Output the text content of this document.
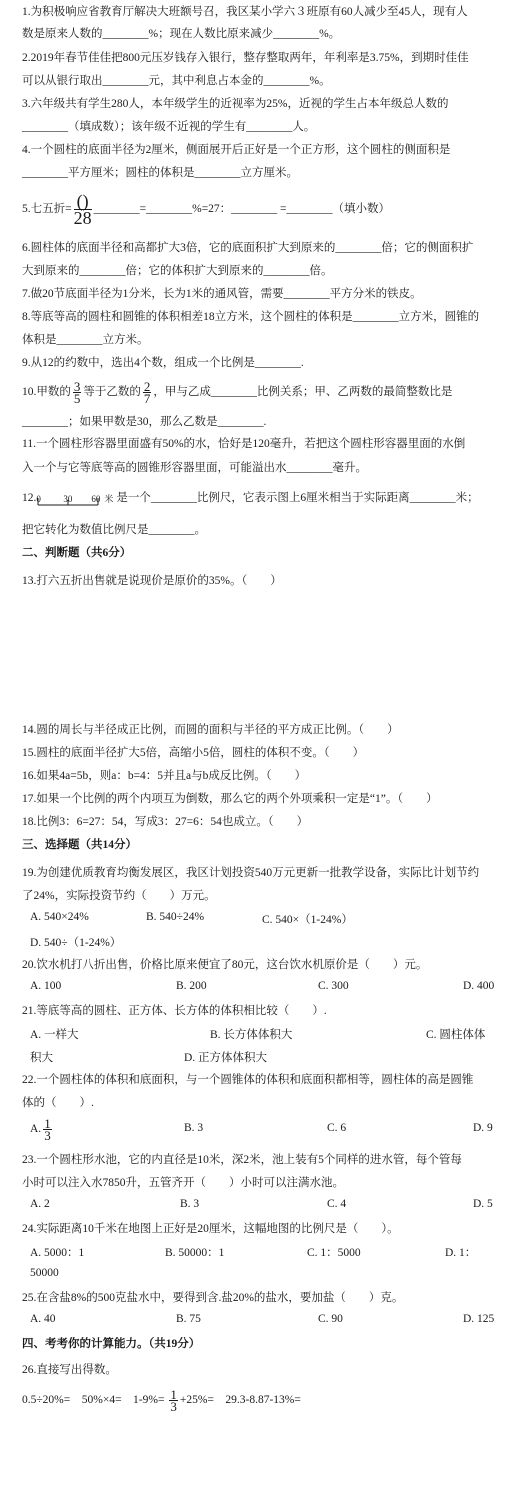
1.为积极响应省教育厅解决大班额号召，我区某小学六３班原有60人减少至45人，现有人
数是原来人数的________%；现在人数比原来减少________%。
2.2019年春节佳佳把800元压岁钱存入银行，整存整取两年，年利率是3.75%，到期时佳佳
可以从银行取出________元，其中利息占本金的________%。
3.六年级共有学生280人，本年级学生的近视率为25%，近视的学生占本年级总人数的
________（填成数）；该年级不近视的学生有________人。
4.一个圆柱的底面半径为2厘米，侧面展开后正好是一个正方形，这个圆柱的侧面积是
________平方厘米；圆柱的体积是________立方厘米。
5.七五折= $\frac{()}{28}$ ________=________%=27：________ =________（填小数）
6.圆柱体的底面半径和高都扩大3倍，它的底面积扩大到原来的________倍；它的侧面积扩
大到原来的________倍；它的体积扩大到原来的________倍。
7.做20节底面半径为1分米，长为1米的通风管，需要________平方分米的铁皮。
8.等底等高的圆柱和圆锥的体积相差18立方米，这个圆柱的体积是________立方米，圆锥的
体积是________立方米。
9.从12的约数中，选出4个数，组成一个比例是________.
10.甲数的 $\frac{3}{5}$ 等于乙数的 $\frac{2}{7}$ ，甲与乙成________比例关系；甲、乙两数的最简整数比是
________；如果甲数是30，那么乙数是________.
11.一个圆柱形容器里面盛有50%的水，恰好是120毫升，若把这个圆柱形容器里面的水倒
入一个与它等底等高的圆锥形容器里面，可能溢出水________毫升。
12. 0	30 60 米 是一个________比例尺，它表示图上6厘米相当于实际距离________米；
把它转化为数值比例尺是________。
二、判断题（共6分）
13.打六五折出售就是说现价是原价的35%。（　　）
14.圆的周长与半径成正比例，而圆的面积与半径的平方成正比例。（　　）
15.圆柱的底面半径扩大5倍，高缩小5倍，圆柱的体积不变。（　　）
16.如果4a=5b，则a：b=4：5并且a与b成反比例。（　　）
17.如果一个比例的两个内项互为倒数，那么它的两个外项乘积一定是“1”。（　　）
18.比例3：6=27：54，写成3：27=6：54也成立。（　　）
三、选择题（共14分）
19.为创建优质教育均衡发展区，我区计划投资540万元更新一批教学设备，实际比计划节约
了24%，实际投资节约（　　）万元。
A. 540×24%	B. 540÷24%	C. 540×（1-24%）
D. 540÷（1-24%）
20.饮水机打八折出售，价格比原来便宜了80元，这台饮水机原价是（　　）元。
A. 100	B. 200	C. 300	D. 400
21.等底等高的圆柱、正方体、长方体的体积相比较（　　）.
A. 一样大	B. 长方体体积大	C. 圆柱体体
积大	D. 正方体体积大
22.一个圆柱体的体积和底面积，与一个圆锥体的体积和底面积都相等，圆柱体的高是圆锥
体的（　　）.
A. $\frac{1}{3}$	B. 3	C. 6	D. 9
23.一个圆柱形水池，它的内直径是10米，深2米，池上装有5个同样的进水管，每个管每
小时可以注入水7850升，五管齐开（　　）小时可以注满水池。
A. 2	B. 3	C. 4	D. 5
24.实际距离10千米在地图上正好是20厘米，这幅地图的比例尺是（　　）。
A. 5000：1	B. 50000：1	C. 1：5000	D. 1：
50000
25.在含盐8%的500克盐水中，要得到含.盐20%的盐水，要加盐（　　）克。
A. 40	B. 75	C. 90	D. 125
四、考考你的计算能力。（共19分）
26.直接写出得数。
0.5÷20%=　50%×4=　$1-9\%= \frac{1}{3} +25\%=$　29.3-8.87-13%=
